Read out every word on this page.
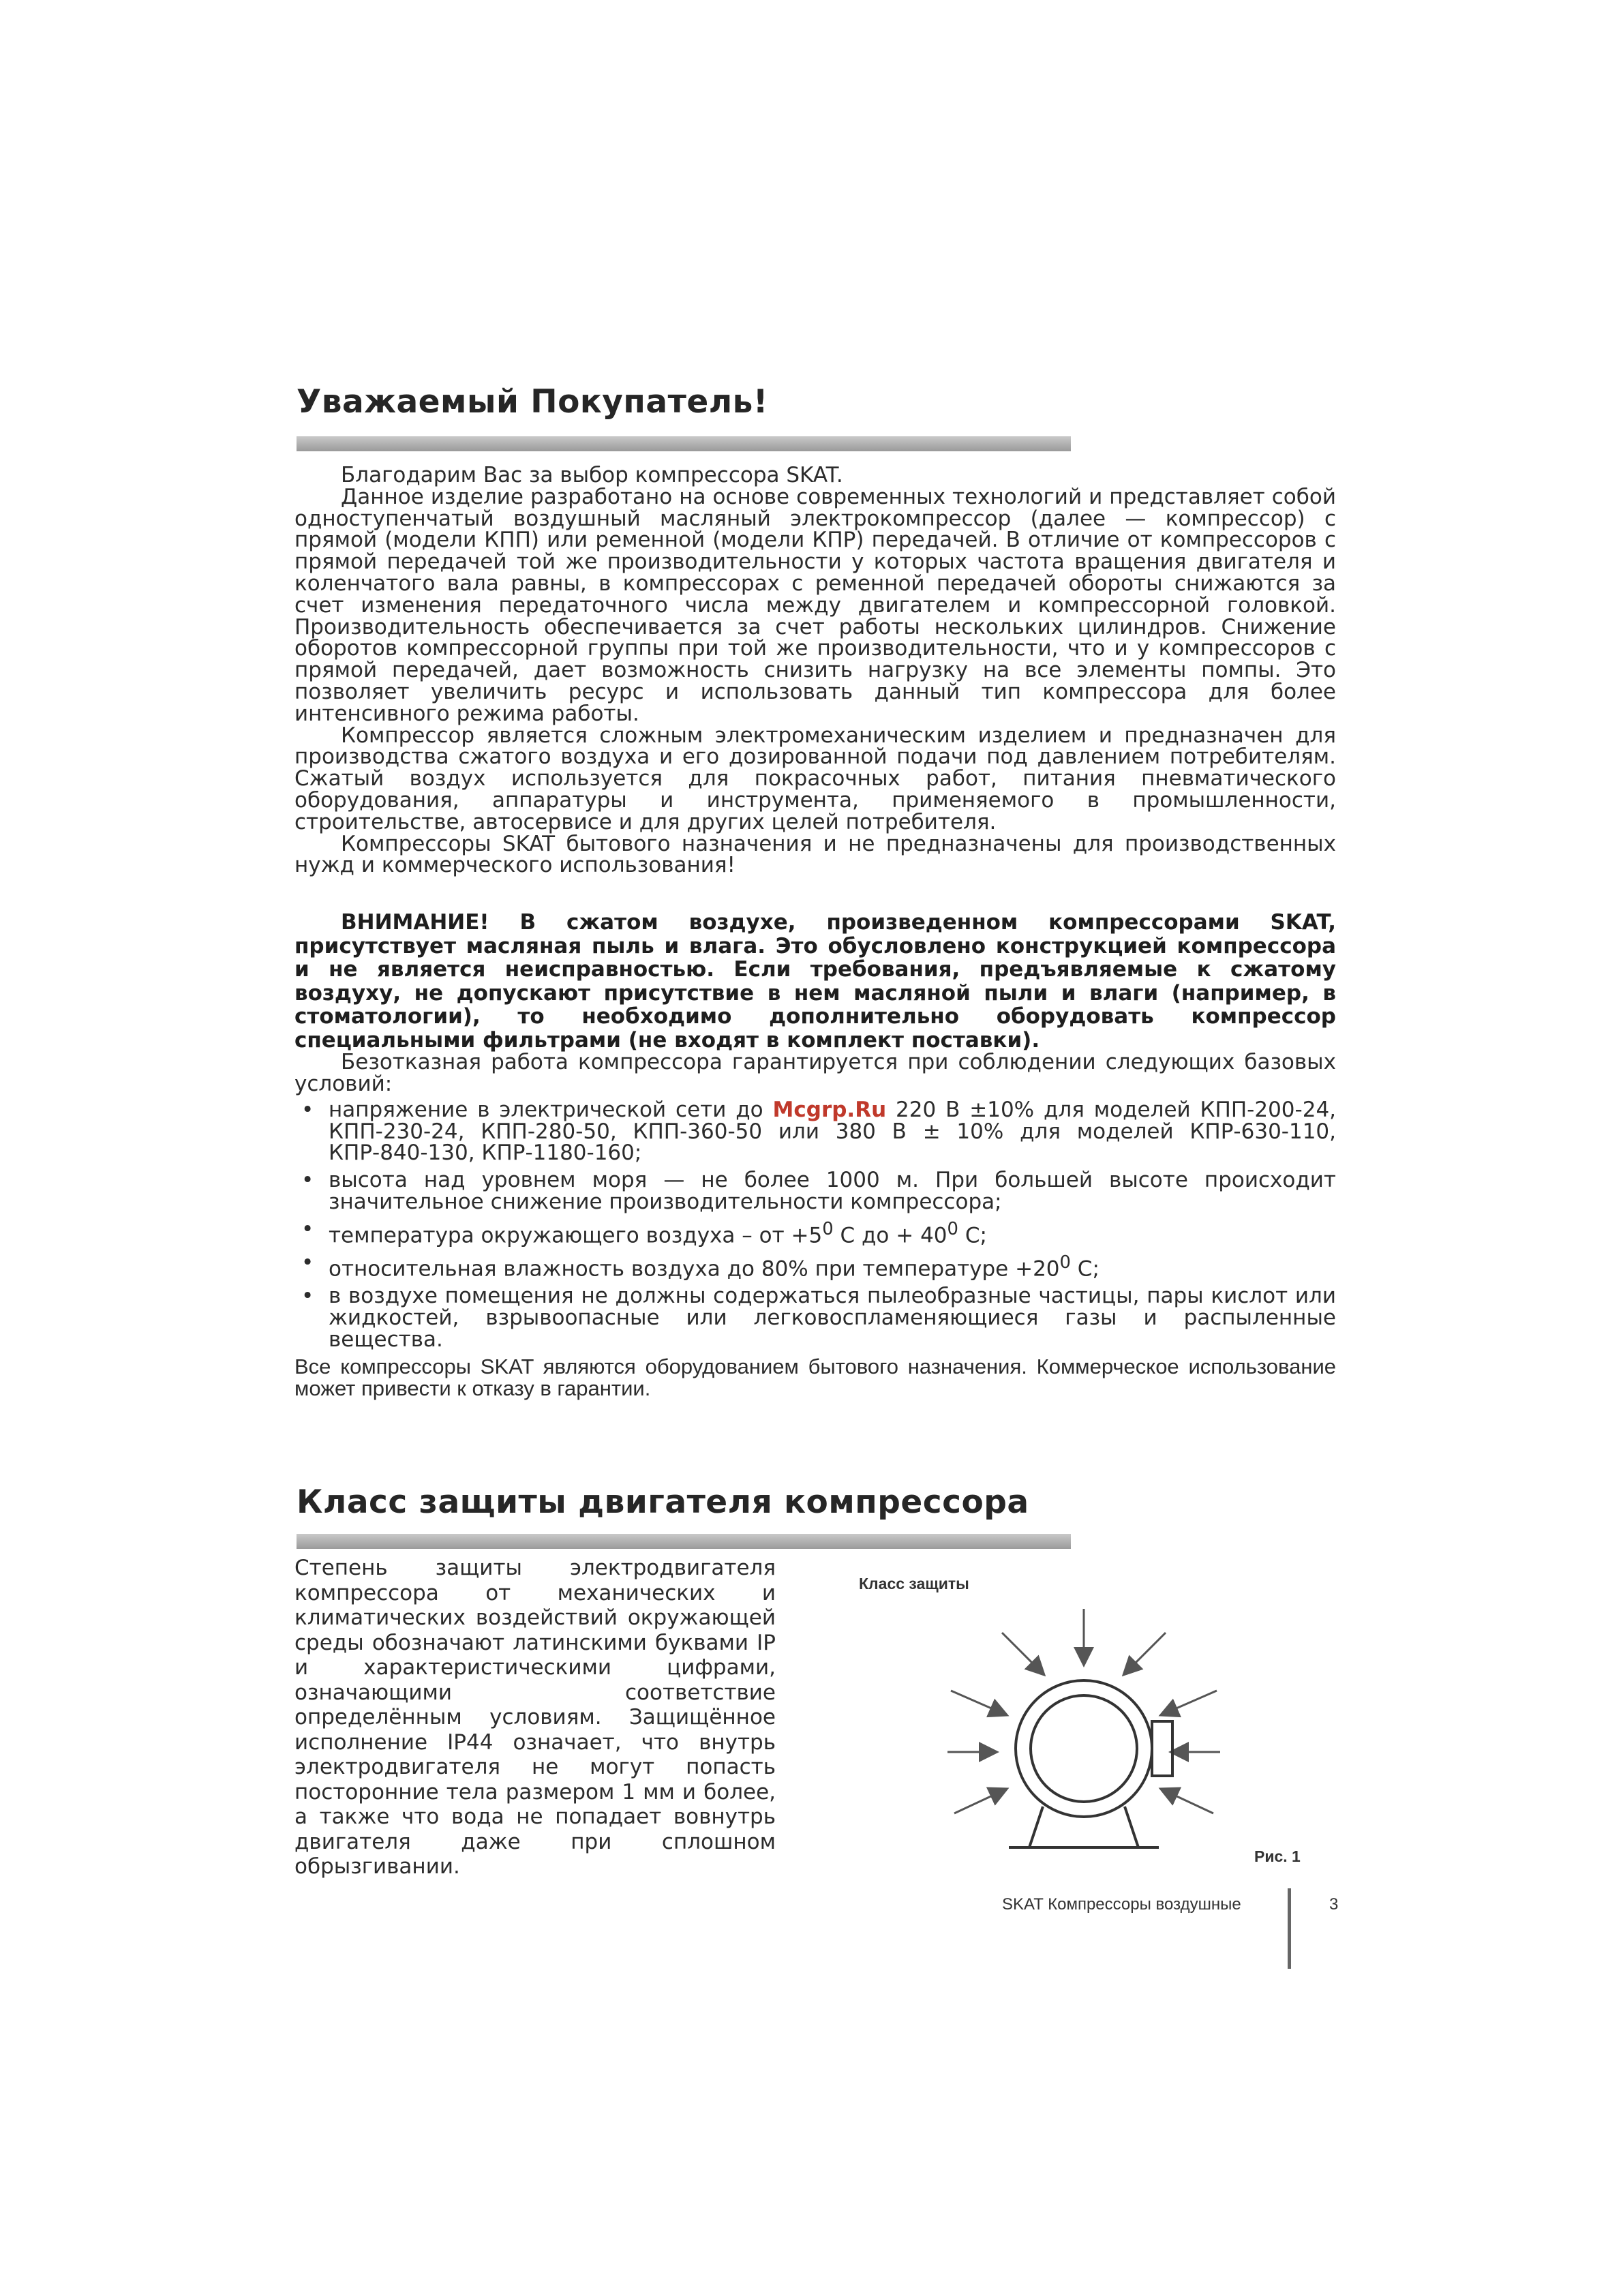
Уважаемый Покупатель!

Благодарим Вас за выбор компрессора SKAT.

Данное изделие разработано на основе современных технологий и представляет собой одноступенчатый воздушный масляный электрокомпрессор (далее — компрессор) с прямой (модели КПП) или ременной (модели КПР) передачей. В отличие от компрессоров с прямой передачей той же производительности у которых частота вращения двигателя и коленчатого вала равны, в компрессорах с ременной передачей обороты снижаются за счет изменения передаточного числа между двигателем и компрессорной головкой. Производительность обеспечивается за счет работы нескольких цилиндров. Снижение оборотов компрессорной группы при той же производительности, что и у компрессоров с прямой передачей, дает возможность снизить нагрузку на все элементы помпы. Это позволяет увеличить ресурс и использовать данный тип компрессора для более интенсивного режима работы.

Компрессор является сложным электромеханическим изделием и предназначен для производства сжатого воздуха и его дозированной подачи под давлением потребителям. Сжатый воздух используется для покрасочных работ, питания пневматического оборудования, аппаратуры и инструмента, применяемого в промышленности, строительстве, автосервисе и для других целей потребителя.

Компрессоры SKAT бытового назначения и не предназначены для производственных нужд и коммерческого использования!

ВНИМАНИЕ! В сжатом воздухе, произведенном компрессорами SKAT, присутствует масляная пыль и влага. Это обусловлено конструкцией компрессора и не является неисправностью. Если требования, предъявляемые к сжатому воздуху, не допускают присутствие в нем масляной пыли и влаги (например, в стоматологии), то необходимо дополнительно оборудовать компрессор специальными фильтрами (не входят в комплект поставки).

Безотказная работа компрессора гарантируется при соблюдении следующих базовых условий:

• напряжение в электрической сети до Mcgrp.Ru 220 В ±10% для моделей КПП-200-24, КПП-230-24, КПП-280-50, КПП-360-50 или 380 В ± 10% для моделей КПР-630-110, КПР-840-130, КПР-1180-160;
• высота над уровнем моря — не более 1000 м. При большей высоте происходит значительное снижение производительности компрессора;
• температура окружающего воздуха – от $+5^0$ С до + $40^0$ С;
• относительная влажность воздуха до 80% при температуре $+20^0$ С;
• в воздухе помещения не должны содержаться пылеобразные частицы, пары кислот или жидкостей, взрывоопасные или легковоспламеняющиеся газы и распыленные вещества.

Все компрессоры SKAT являются оборудованием бытового назначения. Коммерческое использование может привести к отказу в гарантии.

Класс защиты двигателя компрессора

Степень защиты электродвигателя компрессора от механических и климатических воздействий окружающей среды обозначают латинскими буквами IP и характеристическими цифрами, означающими соответствие определённым условиям. Защищённое исполнение IP44 означает, что внутрь электродвигателя не могут попасть посторонние тела размером 1 мм и более, а также что вода не попадает вовнутрь двигателя даже при сплошном обрызгивании.

Класс защиты
Рис. 1
SKAT Компрессоры воздушные	3
